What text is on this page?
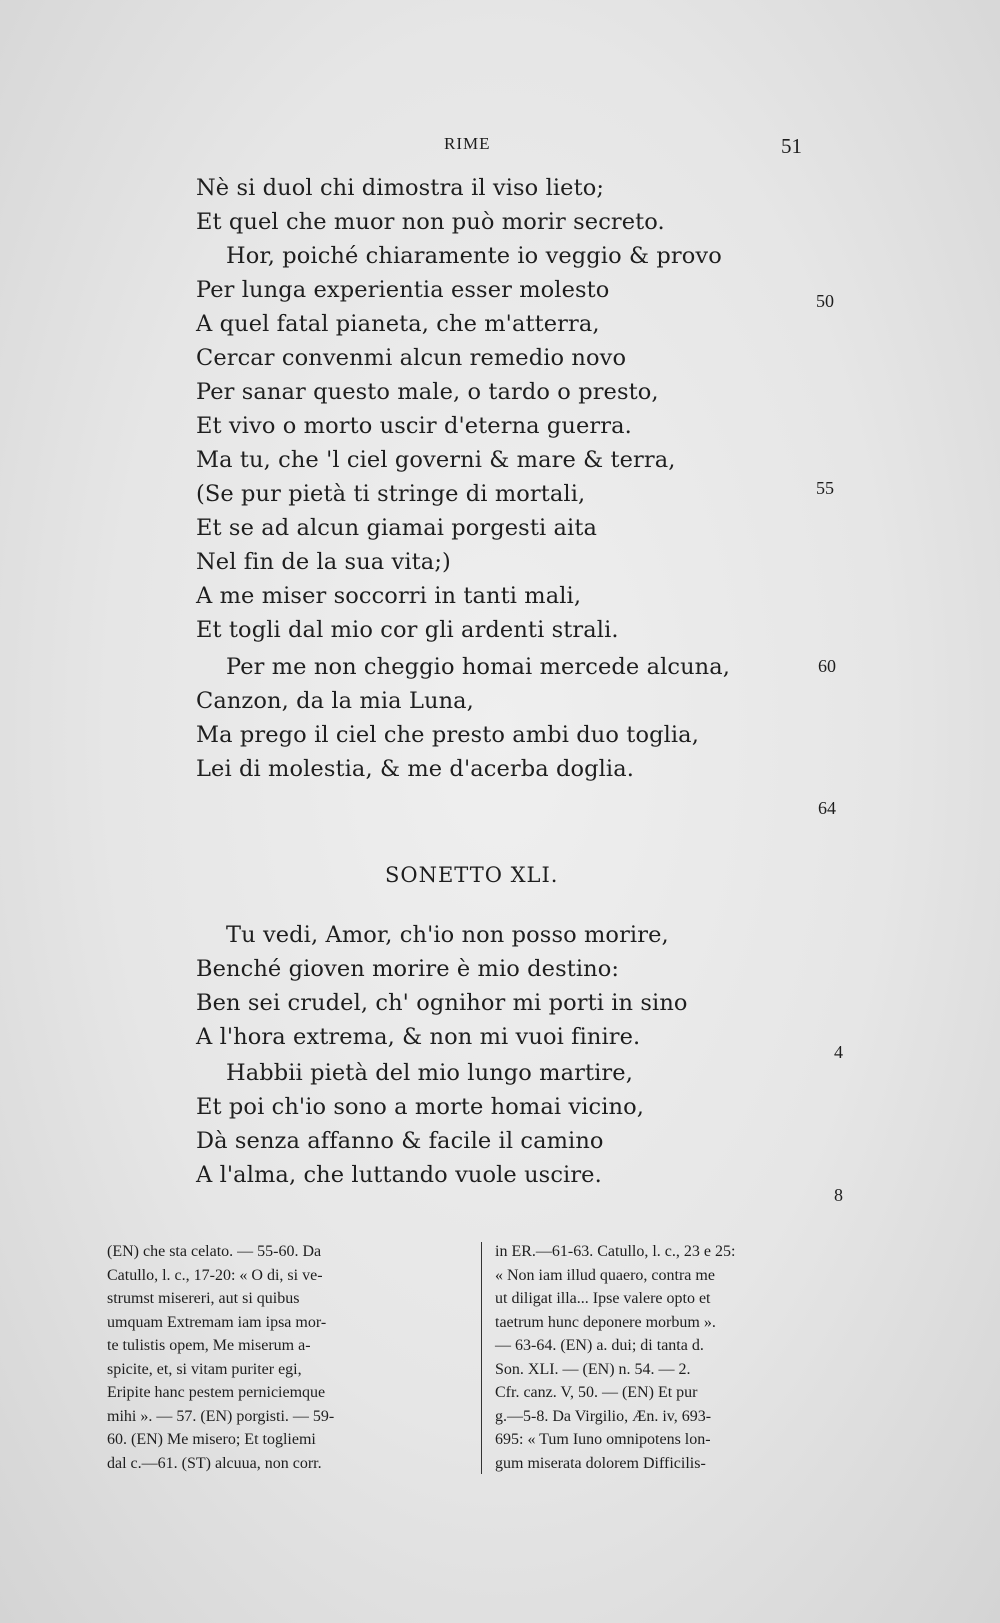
RIME	51
Nè si duol chi dimostra il viso lieto;
Et quel che muor non può morir secreto.
Hor, poiché chiaramente io veggio & provo
Per lunga experientia esser molesto
A quel fatal pianeta, che m'atterra,
Cercar convenmi alcun remedio novo
Per sanar questo male, o tardo o presto,
Et vivo o morto uscir d'eterna guerra.
Ma tu, che 'l ciel governi & mare & terra,
(Se pur pietà ti stringe di mortali,
Et se ad alcun giamai porgesti aita
Nel fin de la sua vita;)
A me miser soccorri in tanti mali,
Et togli dal mio cor gli ardenti strali.
Per me non cheggio homai mercede alcuna,
Canzon, da la mia Luna,
Ma prego il ciel che presto ambi duo toglia,
Lei di molestia, & me d'acerba doglia.
50
55
60
64
SONETTO XLI.
Tu vedi, Amor, ch'io non posso morire,
Benché gioven morire è mio destino:
Ben sei crudel, ch' ognihor mi porti in sino
A l'hora extrema, & non mi vuoi finire.
Habbii pietà del mio lungo martire,
Et poi ch'io sono a morte homai vicino,
Dà senza affanno & facile il camino
A l'alma, che luttando vuole uscire.
4
8
(EN) che sta celato. — 55-60. Da
Catullo, l. c., 17-20: « O di, si ve-
strumst misereri, aut si quibus
umquam Extremam iam ipsa mor-
te tulistis opem, Me miserum a-
spicite, et, si vitam puriter egi,
Eripite hanc pestem perniciemque
mihi ». — 57. (EN) porgisti. — 59-
60. (EN) Me misero; Et togliemi
dal c.—61. (ST) alcuua, non corr.
in ER.—61-63. Catullo, l. c., 23 e 25:
« Non iam illud quaero, contra me
ut diligat illa... Ipse valere opto et
taetrum hunc deponere morbum ».
— 63-64. (EN) a. dui; di tanta d.
Son. XLI. — (EN) n. 54. — 2.
Cfr. canz. V, 50. — (EN) Et pur
g.—5-8. Da Virgilio, Æn. iv, 693-
695: « Tum Iuno omnipotens lon-
gum miserata dolorem Difficilis-
